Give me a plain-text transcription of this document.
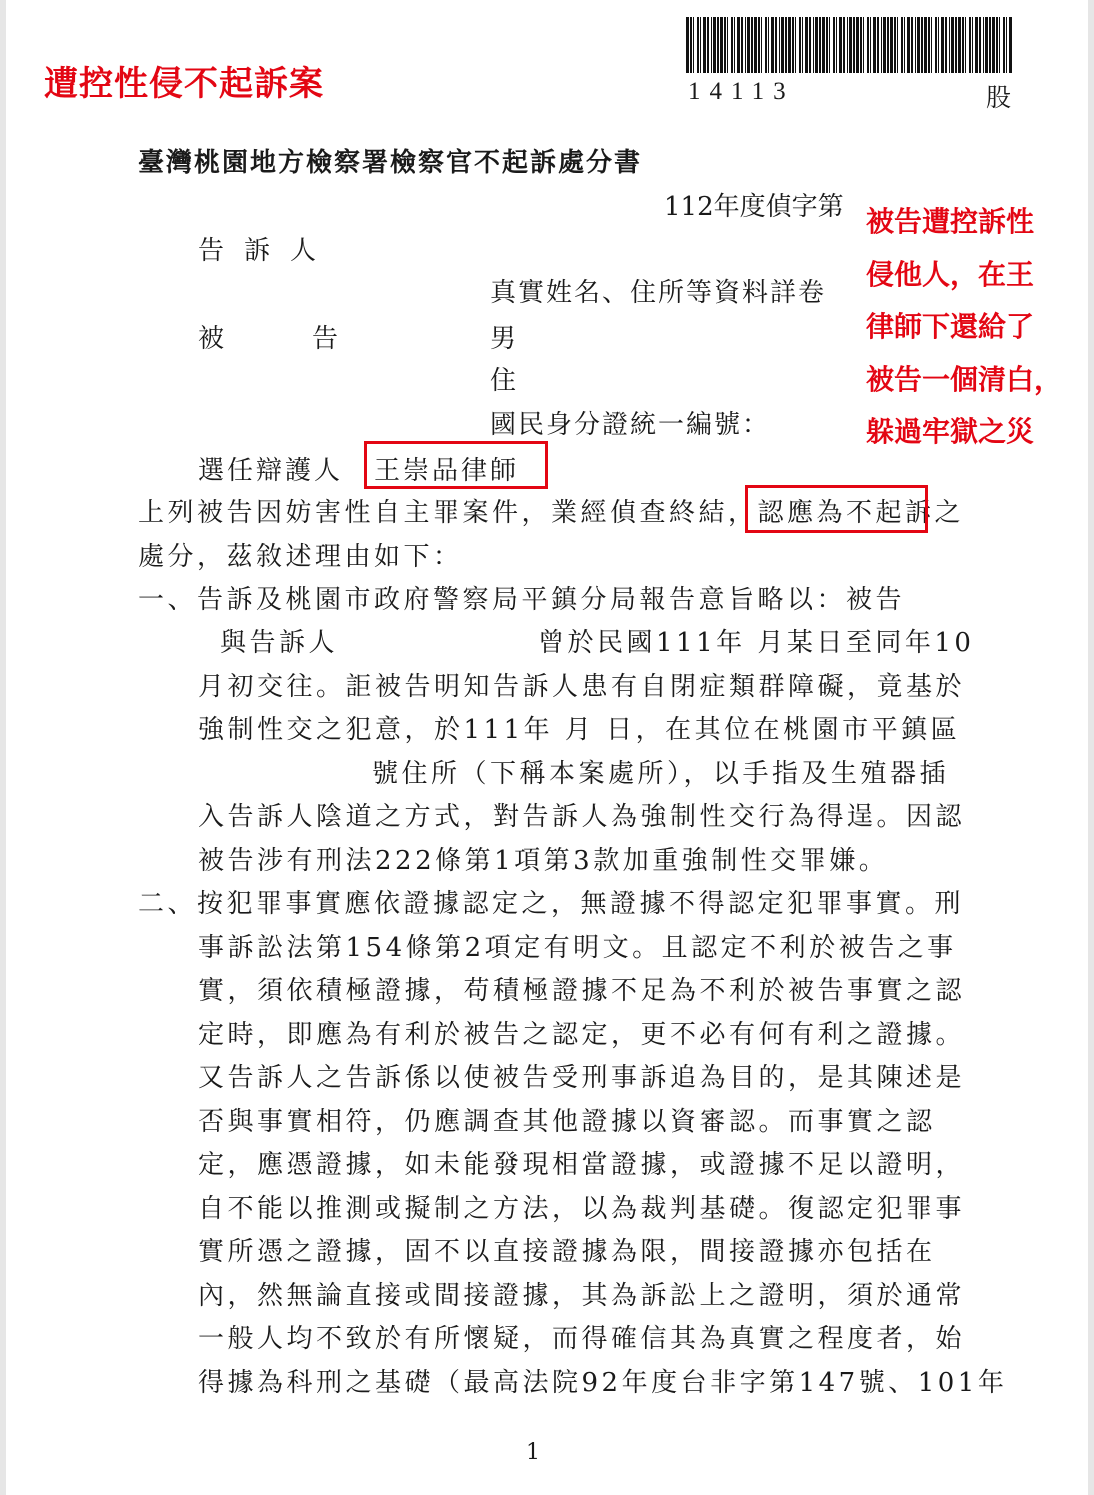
遭控性侵不起訴案
被告遭控訴性
侵他人，在王
律師下還給了
被告一個清白，
躲過牢獄之災
14113	股
臺灣桃園地方檢察署檢察官不起訴處分書
112年度偵字第
告訴人
真實姓名、住所等資料詳卷
被告	男
住
國民身分證統一編號：
選任辯護人 王崇品律師
上列被告因妨害性自主罪案件，業經偵查終結，認應為不起訴之
處分，茲敘述理由如下：
一、告訴及桃園市政府警察局平鎮分局報告意旨略以：被告
與告訴人	曾於民國111年 月某日至同年10
月初交往。詎被告明知告訴人患有自閉症類群障礙，竟基於
強制性交之犯意，於111年 月 日，在其位在桃園市平鎮區
號住所（下稱本案處所），以手指及生殖器插
入告訴人陰道之方式，對告訴人為強制性交行為得逞。因認
被告涉有刑法222條第1項第3款加重強制性交罪嫌。
二、按犯罪事實應依證據認定之，無證據不得認定犯罪事實。刑
事訴訟法第154條第2項定有明文。且認定不利於被告之事
實，須依積極證據，苟積極證據不足為不利於被告事實之認
定時，即應為有利於被告之認定，更不必有何有利之證據。
又告訴人之告訴係以使被告受刑事訴追為目的，是其陳述是
否與事實相符，仍應調查其他證據以資審認。而事實之認
定，應憑證據，如未能發現相當證據，或證據不足以證明，
自不能以推測或擬制之方法，以為裁判基礎。復認定犯罪事
實所憑之證據，固不以直接證據為限，間接證據亦包括在
內，然無論直接或間接證據，其為訴訟上之證明，須於通常
一般人均不致於有所懷疑，而得確信其為真實之程度者，始
得據為科刑之基礎（最高法院92年度台非字第147號、101年
1
